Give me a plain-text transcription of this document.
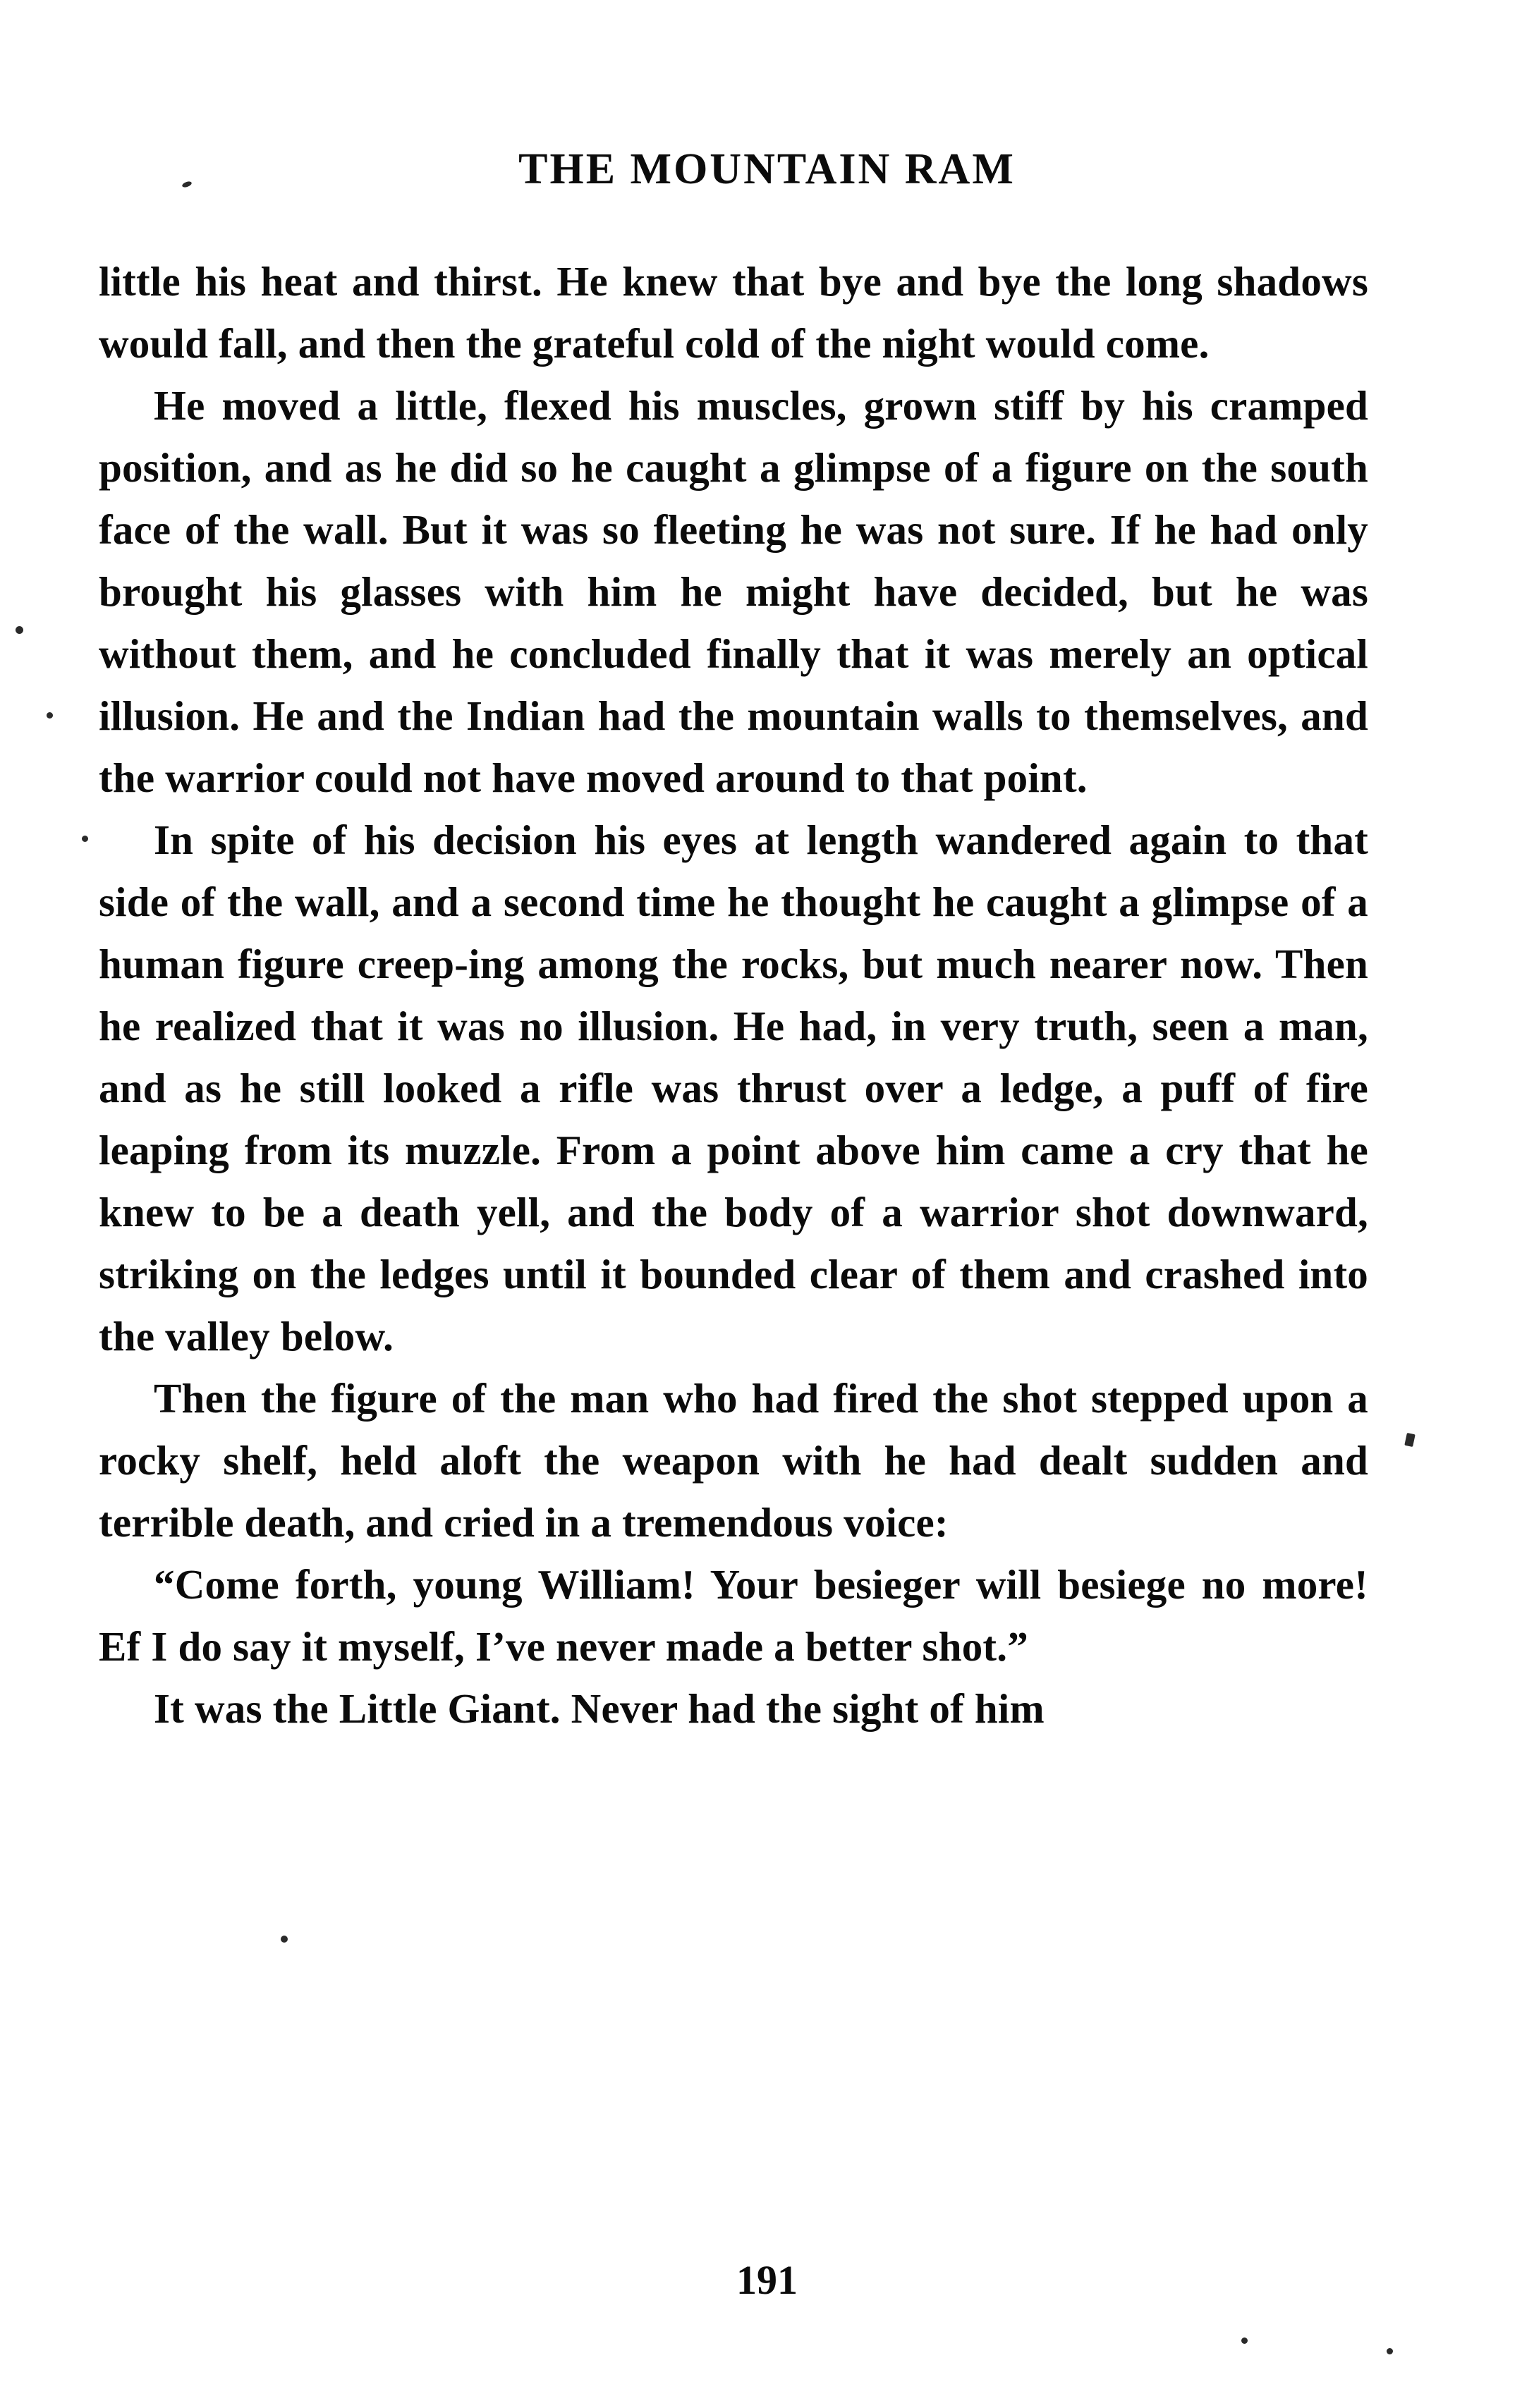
THE MOUNTAIN RAM

little his heat and thirst. He knew that bye and bye the long shadows would fall, and then the grateful cold of the night would come.

He moved a little, flexed his muscles, grown stiff by his cramped position, and as he did so he caught a glimpse of a figure on the south face of the wall. But it was so fleeting he was not sure. If he had only brought his glasses with him he might have decided, but he was without them, and he concluded finally that it was merely an optical illusion. He and the Indian had the mountain walls to themselves, and the warrior could not have moved around to that point.

In spite of his decision his eyes at length wandered again to that side of the wall, and a second time he thought he caught a glimpse of a human figure creep-ing among the rocks, but much nearer now. Then he realized that it was no illusion. He had, in very truth, seen a man, and as he still looked a rifle was thrust over a ledge, a puff of fire leaping from its muzzle. From a point above him came a cry that he knew to be a death yell, and the body of a warrior shot downward, striking on the ledges until it bounded clear of them and crashed into the valley below.

Then the figure of the man who had fired the shot stepped upon a rocky shelf, held aloft the weapon with he had dealt sudden and terrible death, and cried in a tremendous voice:

“Come forth, young William! Your besieger will besiege no more! Ef I do say it myself, I’ve never made a better shot.”

It was the Little Giant. Never had the sight of him

191
